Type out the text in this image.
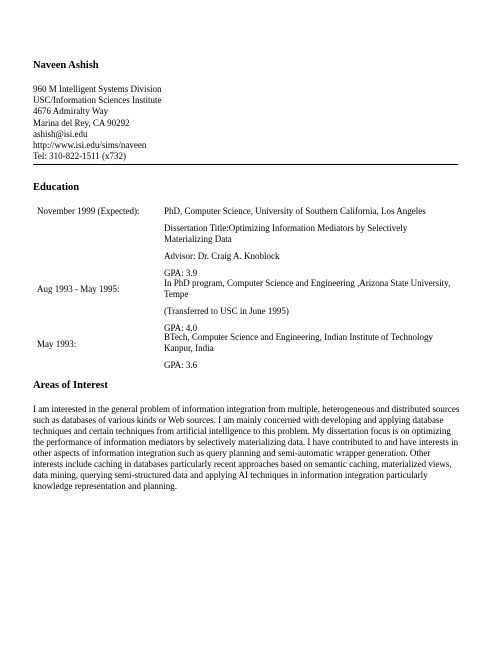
Naveen Ashish
960 M Intelligent Systems Division
USC/Information Sciences Institute
4676 Admiralty Way
Marina del Rey, CA 90292
ashish@isi.edu
http://www.isi.edu/sims/naveen
Tel: 310-822-1511 (x732)
Education
November 1999 (Expected):	PhD, Computer Science, University of Southern California, Los Angeles
Dissertation Title:Optimizing Information Mediators by Selectively Materializing Data
Advisor: Dr. Craig A. Knoblock
GPA: 3.9
Aug 1993 - May 1995:
In PhD program, Computer Science and Engineering ,Arizona State University, Tempe
(Transferred to USC in June 1995)
GPA: 4.0
May 1993:
BTech, Computer Science and Engineering, Indian Institute of Technology Kanpur, India
GPA: 3.6
Areas of Interest

I am interested in the general problem of information integration from multiple, heterogeneous and distributed sources such as databases of various kinds or Web sources. I am mainly concerned with developing and applying database techniques and certain techniques from artificial intelligence to this problem. My dissertation focus is on optimizing the performance of information mediators by selectively materializing data. I have contributed to and have interests in other aspects of information integration such as query planning and semi-automatic wrapper generation. Other interests include caching in databases particularly recent approaches based on semantic caching, materialized views, data mining, querying semi-structured data and applying AI techniques in information integration particularly knowledge representation and planning.
